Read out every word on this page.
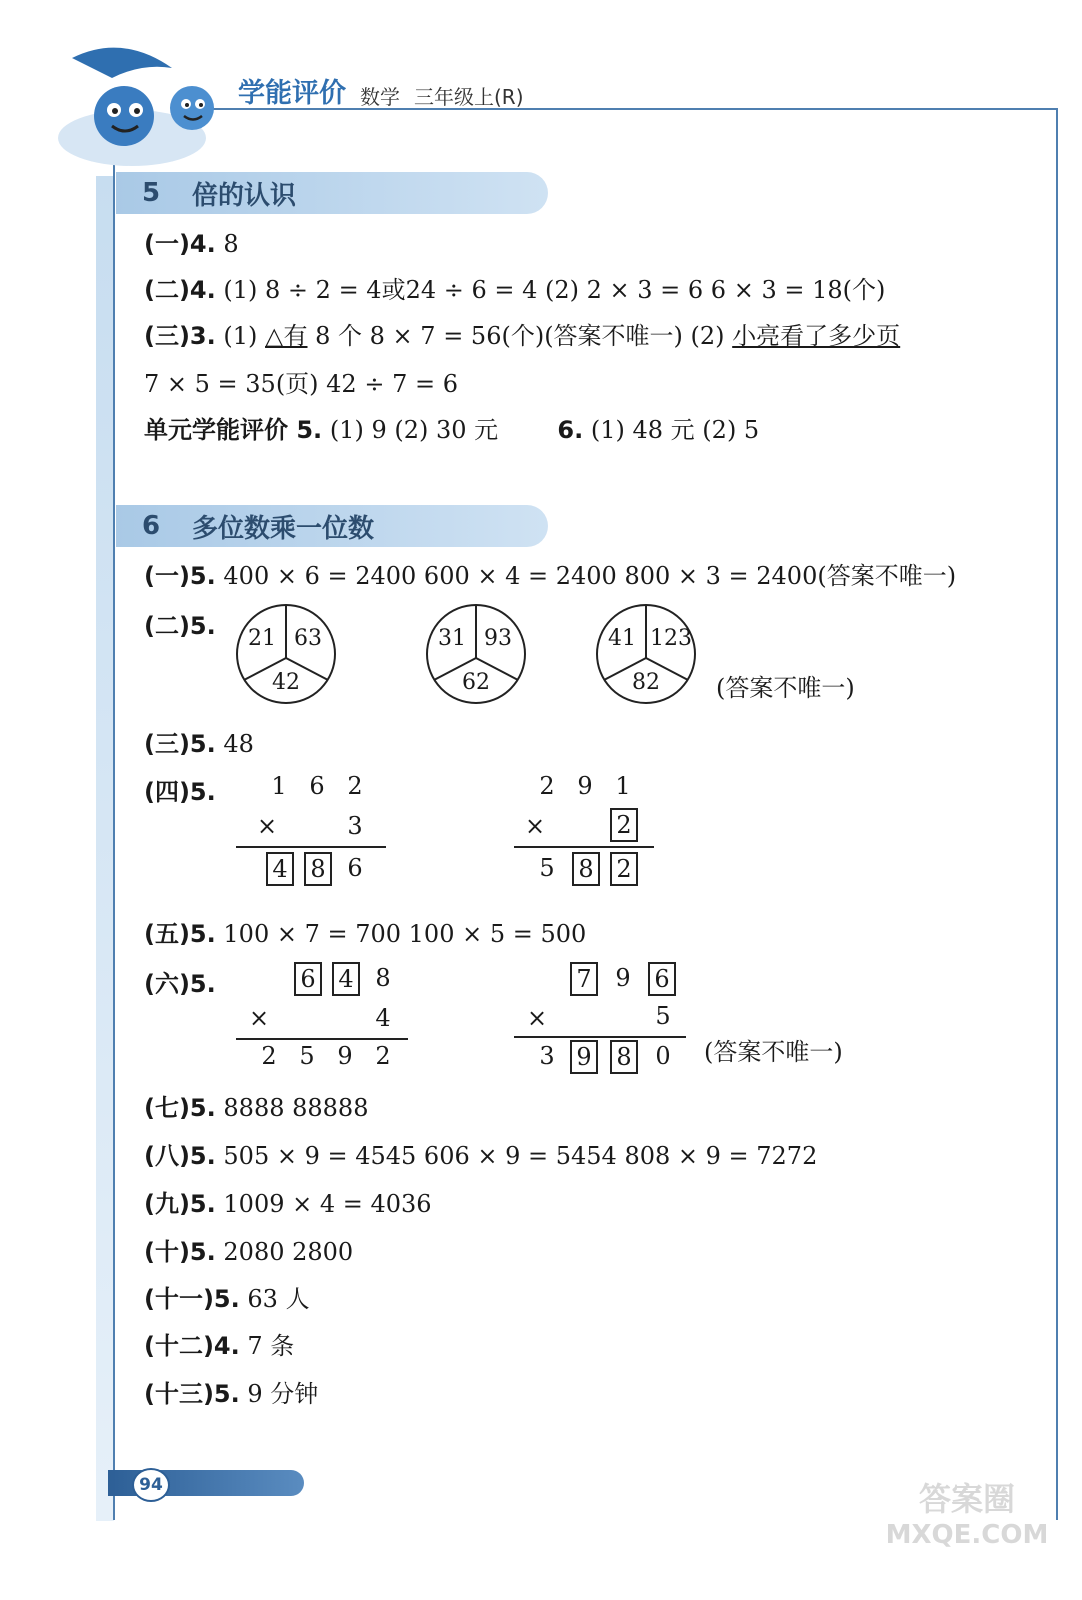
学能评价 数学 三年级上(R)
5	倍的认识
(一)4. 8
(二)4. (1) 8 ÷ 2 = 4或24 ÷ 6 = 4 (2) 2 × 3 = 6 6 × 3 = 18(个)
(三)3. (1) △有 8 个 8 × 7 = 56(个)(答案不唯一) (2) 小亮看了多少页
7 × 5 = 35(页) 42 ÷ 7 = 6
单元学能评价 5. (1) 9 (2) 30 元 6. (1) 48 元 (2) 5
6	多位数乘一位数
(一)5. 400 × 6 = 2400 600 × 4 = 2400 800 × 3 = 2400(答案不唯一)
(二)5. 21 63
42
31 93
62
41 123
82 (答案不唯一)
(三)5. 48
(四)5. 1 6 2
×	3
4 8 6
2 9 1
×	2
5 8 2
(五)5. 100 × 7 = 700 100 × 5 = 500
(六)5.	6 4 8
×	4
2 5 9 2
7 9 6
×	5
3 9 8 0 (答案不唯一)
(七)5. 8888 88888
(八)5. 505 × 9 = 4545 606 × 9 = 5454 808 × 9 = 7272
(九)5. 1009 × 4 = 4036
(十)5. 2080 2800
(十一)5. 63 人
(十二)4. 7 条
(十三)5. 9 分钟
94	答案圈
MXQE.COM
